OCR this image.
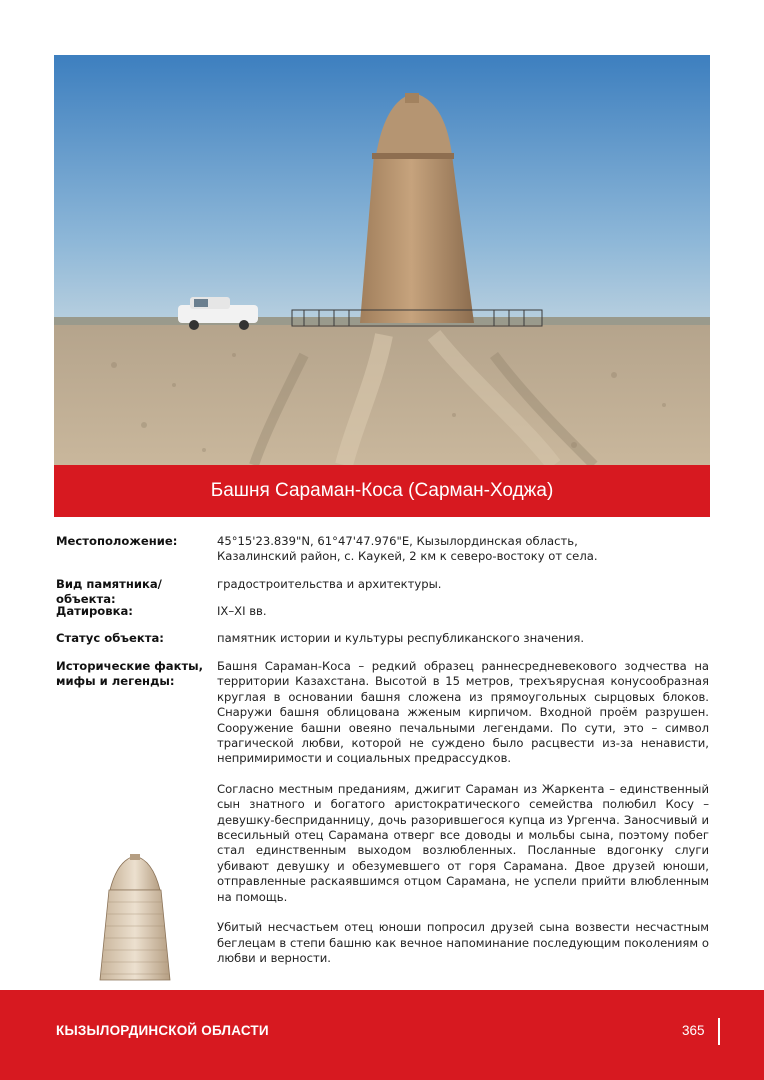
Башня Сараман-Коса (Сарман-Ходжа)
Местоположение:	45°15'23.839"N, 61°47'47.976"E, Кызылординская область,
Казалинский район, с. Каукей, 2 км к северо-востоку от села.
Вид памятника/объекта:
градостроительства и архитектуры.
Датировка:	IX–XI вв.
Статус объекта:	памятник истории и культуры республиканского значения.
Исторические факты,
мифы и легенды:

Башня Сараман-Коса – редкий образец раннесредневекового зодчества на территории Казахстана. Высотой в 15 метров, трехъярусная конусообразная круглая в основании башня сложена из прямоугольных сырцовых блоков. Снаружи башня облицована жженым кирпичом. Входной проём разрушен. Сооружение башни овеяно печальными легендами. По сути, это – символ трагической любви, которой не суждено было расцвести из-за ненависти, непримиримости и социальных предрассудков.

Согласно местным преданиям, джигит Сараман из Жаркента – единственный сын знатного и богатого аристократического семейства полюбил Косу – девушку-бесприданницу, дочь разорившегося купца из Ургенча. Заносчивый и всесильный отец Сарамана отверг все доводы и мольбы сына, поэтому побег стал единственным выходом возлюбленных. Посланные вдогонку слуги убивают девушку и обезумевшего от горя Сарамана. Двое друзей юноши, отправленные раскаявшимся отцом Сарамана, не успели прийти влюбленным на помощь.

Убитый несчастьем отец юноши попросил друзей сына возвести несчастным беглецам в степи башню как вечное напоминание последующим поколениям о любви и верности.

КЫЗЫЛОРДИНСКОЙ ОБЛАСТИ	365
